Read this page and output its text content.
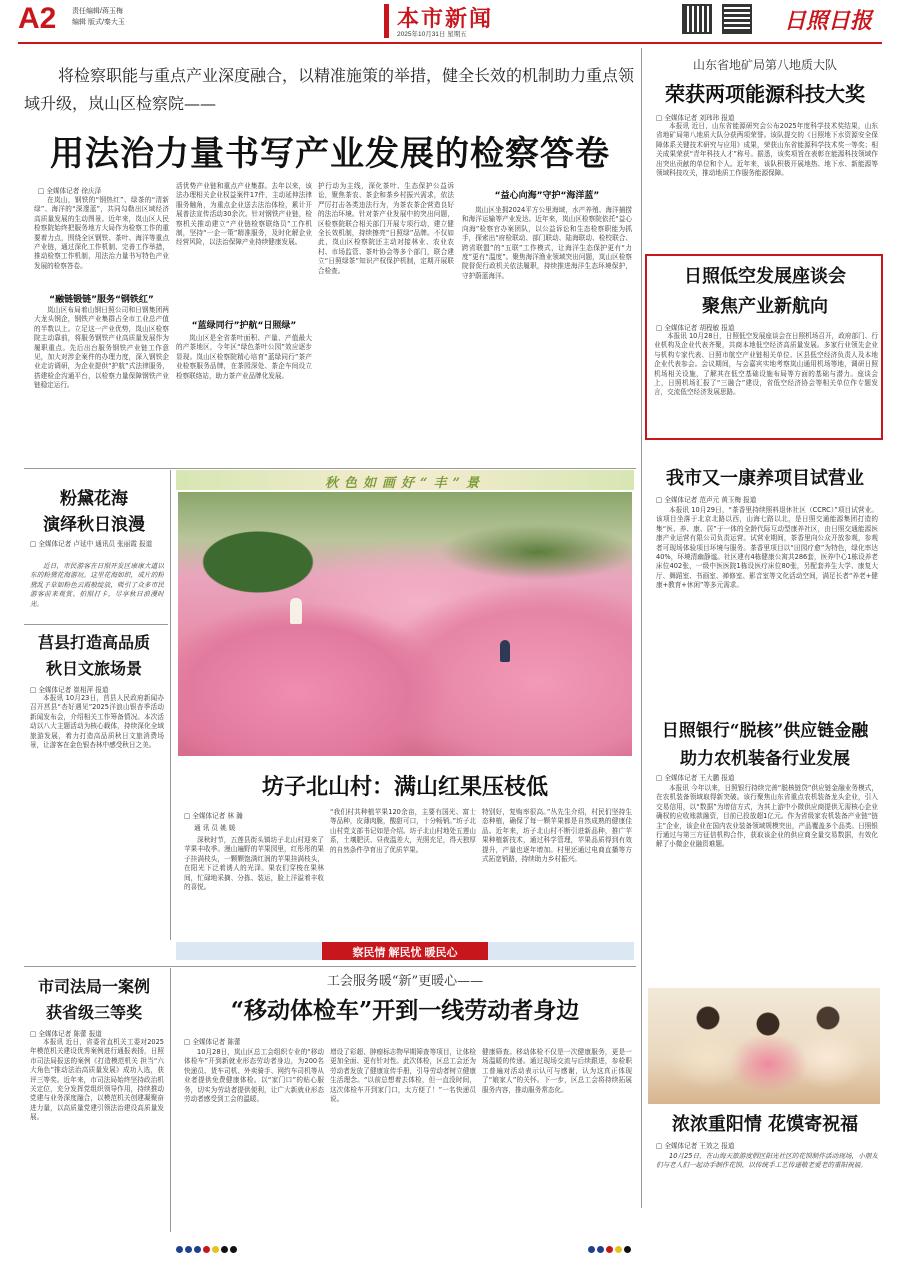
A2 责任编辑/蒋玉梅
编辑 版式/秦大玉	本市新闻
2025年10月31日 星期五
日照日报
将检察职能与重点产业深度融合，以精准施策的举措，健全长效的机制助力重点领域升级，岚山区检察院——
用法治力量书写产业发展的检察答卷
□ 全媒体记者 徐庆泽
在岚山，钢铁的“钢热红”、绿茶的“清新绿”、海洋的“深邃蓝”，共同勾勒出区域经济高质量发展的生动图景。近年来，岚山区人民检察院始终把服务地方大局作为检察工作的重要着力点，围绕全区钢铁、茶叶、海洋等重点产业链，通过深化工作机制、完善工作举措，推动检察工作机制，用法治力量书写特色产业发展的检察答卷。
“融链锻链”服务“钢铁红”
岚山区布局着山钢日照公司和日钢集团两大龙头钢企，钢铁产业集群占全市工业总产值的半数以上。立足这一产业优势，岚山区检察院主动靠前，将服务钢铁产业高质量发展作为履职重点。先后出台服务钢铁产业链工作意见，加大对涉企案件的办理力度，深入钢铁企业走访调研，为企业提供“护航”式法律服务，搭建检企沟通平台，以检察力量保障钢铁产业链稳定运行。
活优势产业链和重点产业集群。去年以来，该法办理相关企业权益案件17件，主动延伸法律服务触角，为重点企业送去法治体检，累计开展普法宣传活动30余次。针对钢铁产业链，检察机关推动建立“产业链检察联络员”工作机制，坚持“一企一策”精准服务，及时化解企业经营风险，以法治保障产业持续健康发展。
“蓝绿同行”护航“日照绿”
岚山区是全省茶叶面积、产量、产值最大的产茶地区，今年区“绿色茶叶公园”效应逐步显现。岚山区检察院精心培育“蓝绿同行”茶产业检察服务品牌，在茶园深处、茶企车间设立检察联络站，助力茶产业品牌化发展。
护行动为主线，深化茶叶、生态保护公益诉讼，聚焦茶农、茶企和茶乡村振兴需求，依法严厉打击各类违法行为，为茶农茶企营造良好的法治环境。针对茶产业发展中的突出问题，区检察院联合相关部门开展专项行动，建立健全长效机制，持续擦亮“日照绿”品牌。不仅如此，岚山区检察院还主动对接林业、农业农村、市场监管、茶叶协会等多个部门，联合建立“日照绿茶”知识产权保护机制，定期开展联合检查。
“益心向海”守护“海洋蓝”
岚山区坐拥2024平方公里海域，水产养殖、海洋捕捞和海洋运输等产业发达。近年来，岚山区检察院依托“益心向海”检察官办案团队，以公益诉讼和生态检察职能为抓手，探索出“府检联动、部门联动、陆海联动、检校联合、跨省联盟”的“五联”工作模式，让海洋生态保护更有“力度”更有“温度”。聚焦海洋渔业领域突出问题，岚山区检察院督促行政机关依法履职，持续推进海洋生态环境保护，守护蔚蓝海洋。
山东省地矿局第八地质大队
荣获两项能源科技大奖
□ 全媒体记者 刘玮玮 报道
本报讯 近日，山东省能源研究会公布2025年度科学技术奖结果，山东省地矿局第八地质大队分获两项荣誉。该队提交的《日照地下水资源安全保障体系关键技术研究与应用》成果，荣获山东省能源科学技术奖一等奖；相关成果荣获“青年科技人才”称号。据悉，该奖项旨在表彰在能源科技领域作出突出贡献的单位和个人。近年来，该队积极开展地热、地下水、新能源等领域科技攻关，推动地质工作服务能源保障。
日照低空发展座谈会
聚焦产业新航向
□ 全媒体记者 胡程敏 报道
本报讯 10月28日，日照低空发展座谈会在日照机场召开，政府部门、行业机构及企业代表齐聚，共商本地低空经济高质量发展。多家行业领先企业与机构专家代表、日照市航空产业链相关单位、区县低空经济负责人及本地企业代表参会。会议期间，与会嘉宾实地考察岚山通用机场等地，调研日照机场相关设施，了解其在低空基础设施布局等方面的基础与潜力。座谈会上，日照机场汇报了“三融合”建设，省低空经济协会等相关单位作专题发言，交流低空经济发展思路。
我市又一康养项目试营业
□ 全媒体记者 范声元 黄玉梅 报道
本报讯 10月29日，“茶香里持续照料退休社区（CCRC）”项目试营业。该项目坐落于北京北路以西，山海七路以北，是日照交通能源集团打造的集“医、养、康、居”于一体的全龄代际互动型康养社区，由日照交通能源医康产业运营有限公司负责运营。试营业期间，茶香里向公众开放参观，参观者可现场体验项目环境与服务。茶香里项目以“田园疗愈”为特色，绿化率达40%，环境清幽静谧。社区建有4栋健康公寓共286套，医养中心1栋设养老床位402张，一级中医医院1栋设医疗床位80张，另配套养生大学、康复大厅、舞蹈室、书画室、禅修室、影音室等文化活动空间，满足长者“养老+健康+教育+休闲”等多元需求。
日照银行“脱核”供应链金融
助力农机装备行业发展
□ 全媒体记者 王大鹏 报道
本报讯 今年以来，日照银行持续完善“脱核链贷”供应链金融业务模式，在农机装备领域取得新突破。该行聚焦山东省重点农机装备龙头企业，引入交易信用，以“数据”为增信方式，为其上游中小微供应商提供无需核心企业确权的应收账款融资，目前已投放超1亿元。作为省级家农机装备产业链“链主”企业，该企业在国内农业装备领域规模突出，产品覆盖多个品类。日照银行通过与第三方征信机构合作，获取该企业的供应商全量交易数据，有效化解了小微企业融资难题。
粉黛花海
演绎秋日浪漫
□ 全媒体记者 卢延中 通讯员 张丽霞 报道
近日，市民游客在日照开发区康康大道以东的粉黛花海游玩。这里花海如织，成片的粉黛乱子草如粉色云霞般绽放，吸引了众多市民游客前来观赏、拍照打卡，尽享秋日浪漫时光。
莒县打造高品质
秋日文旅场景
□ 全媒体记者 崔相萍 报道
本报讯 10月23日，莒县人民政府新闻办召开莒县“杏好遇见”2025洋浪山银杏季活动新闻发布会，介绍相关工作筹备情况。本次活动以八大主题活动为核心载体，持续深化全域旅游发展，着力打造高品质秋日文旅消费场景，让游客在金色银杏林中感受秋日之美。
秋色如画好“丰”景
坊子北山村：满山红果压枝低
□ 全媒体记者 林 瀚
通 讯 员 姚 媛
深秋时节，五莲县街头镇坊子北山村迎来了苹果丰收季。漫山遍野的苹果园里，红彤彤的果子挂满枝头，一颗颗饱满红润的苹果挂满枝头，在阳光下泛着诱人的光泽。果农们穿梭在果林间，忙碌地采摘、分拣、装运，脸上洋溢着丰收的喜悦。
“我们村共种植苹果120余亩，主要有国光、富士等品种，皮薄肉脆，酸甜可口，十分畅销。”坊子北山村党支部书记如是介绍。坊子北山村地处五莲山系，土壤肥沃、昼夜温差大，光照充足，得天独厚的自然条件孕育出了优质苹果。
特别好，复购率很高。”丛先生介绍，村民们坚持生态种植，确保了每一颗苹果都是自然成熟的健康佳品。近年来，坊子北山村不断引进新品种，推广苹果种植新技术，通过科学管理，苹果品质得到有效提升，产量也逐年增加。村里还通过电商直播等方式拓宽销路，持续助力乡村振兴。
察民情 解民忧 暖民心
市司法局一案例
获省级三等奖
□ 全媒体记者 陈蕾 报道
本报讯 近日，省委省直机关工委对2025年模范机关建设优秀案例进行通报表扬，日照市司法局报送的案例《打造模范机关 担当“六大角色”推动法治高质量发展》成功入选，获评三等奖。近年来，市司法局始终坚持政治机关定位，充分发挥党组织领导作用，持续推动党建与业务深度融合，以模范机关创建凝聚奋进力量，以高质量党建引领法治建设高质量发展。
工会服务暖“新”更暖心——
“移动体检车”开到一线劳动者身边
□ 全媒体记者 陈蕾
10月28日，岚山区总工会组织专业的“移动体检车”开到新就业形态劳动者身边，为200名快递员、货车司机、外卖骑手、网约车司机等从业者提供免费健康体检。以“家门口”的贴心服务，切实为劳动者提供便利，让广大新就业形态劳动者感受到工会的温暖。
增设了彩超、肿瘤标志物早期筛查等项目，让体检更加全面、更有针对性。此次体检，区总工会还为劳动者发放了健康宣传手册，引导劳动者树立健康生活理念。“以前总想着去体检，但一直没时间，这次体检车开到家门口，太方便了！”一名快递员说。
健康筛查。移动体检不仅是一次健康服务，更是一场温暖的传递。通过现场交流与后续跟进，参检职工普遍对活动表示认可与感谢，认为这真正体现了“娘家人”的关怀。下一步，区总工会将持续拓展服务内容，推动服务常态化。
浓浓重阳情 花馍寄祝福
□ 全媒体记者 王效之 报道
10月25日，在山海天旅游度假区阳光社区的花馍制作活动现场，小朋友们与老人们一起动手制作花馍，以传统手工艺传递敬老爱老的重阳祝福。
